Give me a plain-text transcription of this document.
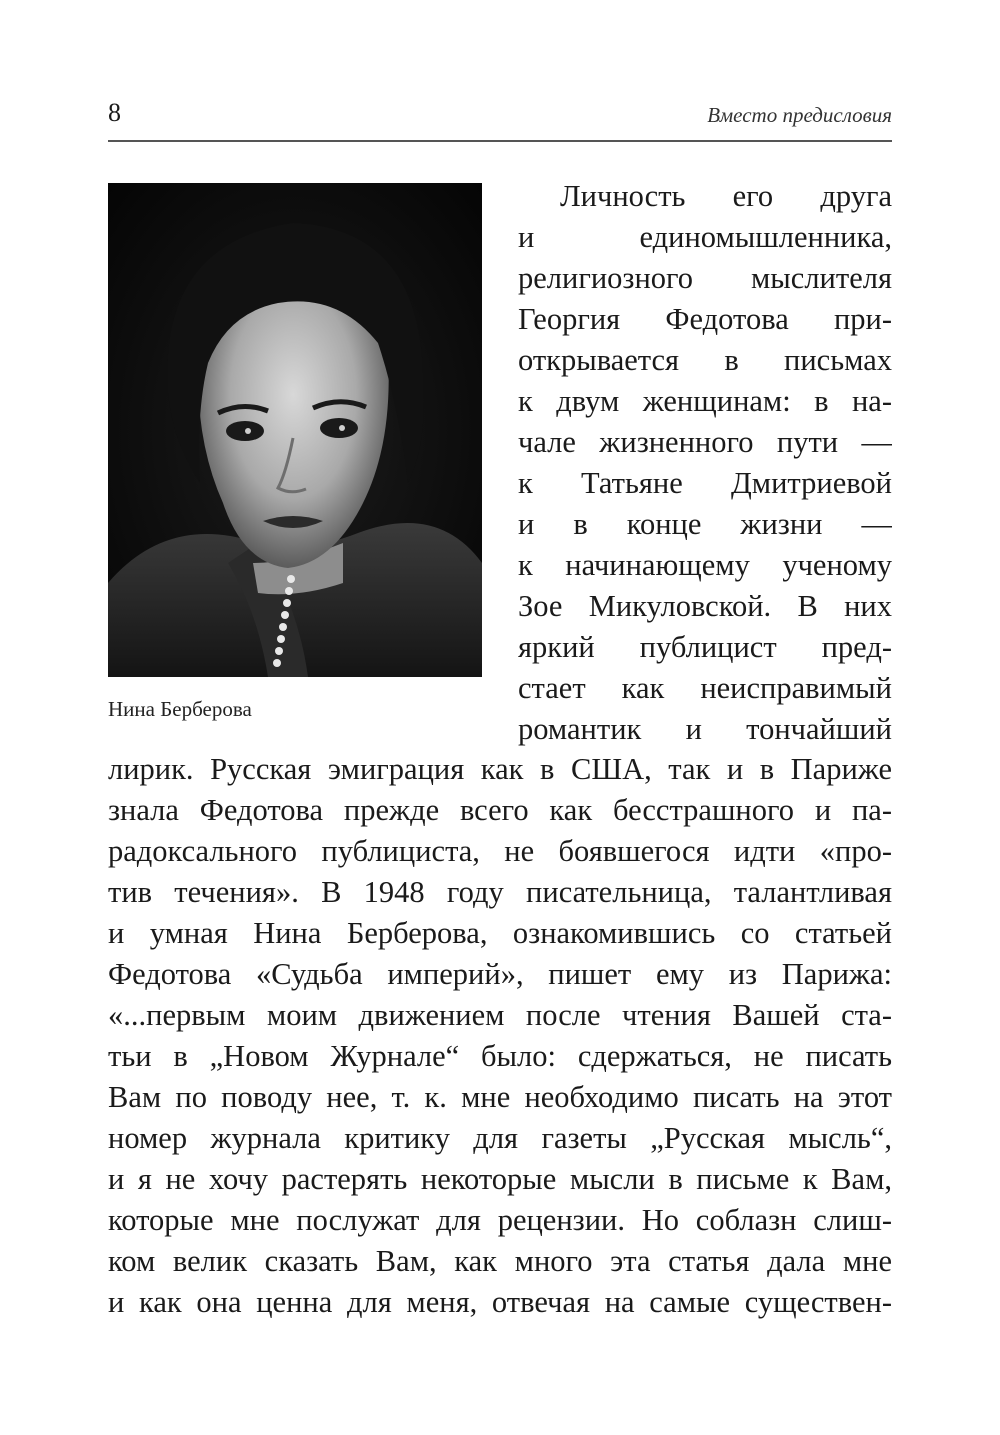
8	Вместо предисловия
Нина Берберова
Личность его друга
и единомышленника,
религиозного мыслителя
Георгия Федотова при-
открывается в письмах
к двум женщинам: в на-
чале жизненного пути —
к Татьяне Дмитриевой
и в конце жизни —
к начинающему ученому
Зое Микуловской. В них
яркий публицист пред-
стает как неисправимый
романтик и тончайший
лирик. Русская эмиграция как в США, так и в Париже
знала Федотова прежде всего как бесстрашного и па-
радоксального публициста, не боявшегося идти «про-
тив течения». В 1948 году писательница, талантливая
и умная Нина Берберова, ознакомившись со статьей
Федотова «Судьба империй», пишет ему из Парижа:
«...первым моим движением после чтения Вашей ста-
тьи в „Новом Журнале“ было: сдержаться, не писать
Вам по поводу нее, т. к. мне необходимо писать на этот
номер журнала критику для газеты „Русская мысль“,
и я не хочу растерять некоторые мысли в письме к Вам,
которые мне послужат для рецензии. Но соблазн слиш-
ком велик сказать Вам, как много эта статья дала мне
и как она ценна для меня, отвечая на самые существен-
